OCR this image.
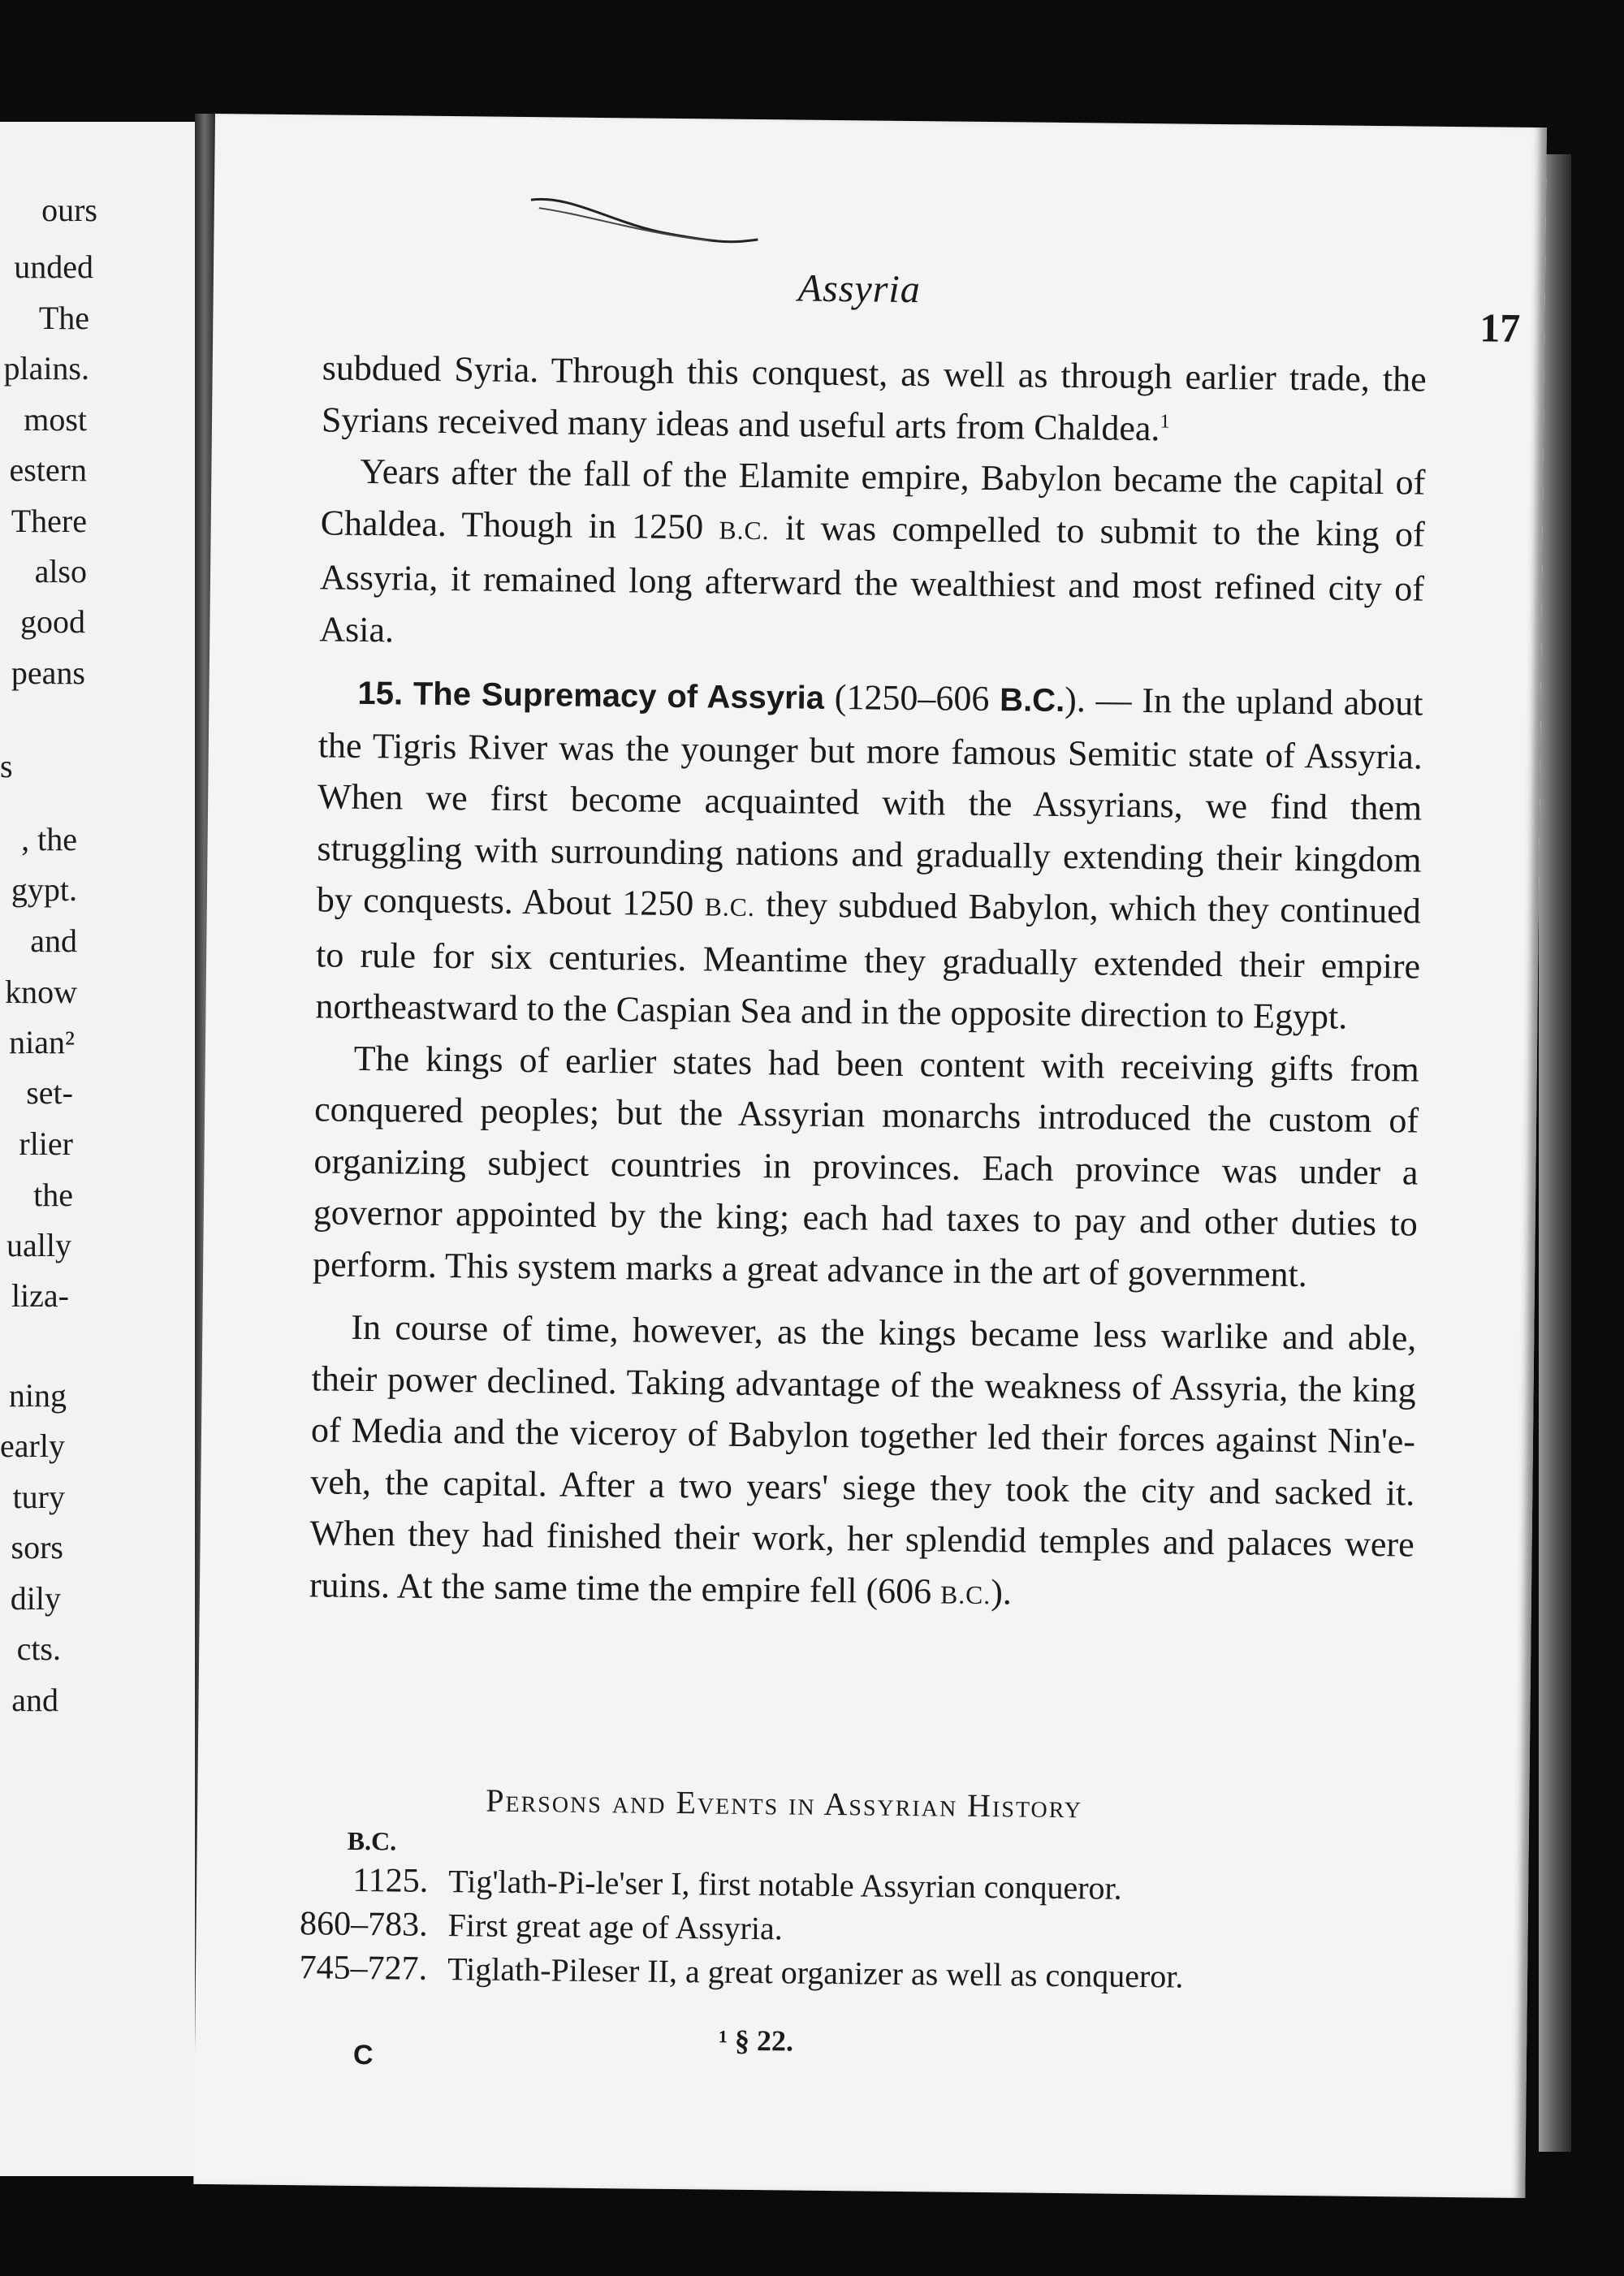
ours
unded
The
plains.
most
estern
There
also
good
peans
s
, the
gypt.
and
know
nian²
set-
rlier
the
ually
liza-
ning
early
tury
sors
dily
cts.
and
Assyria
17

subdued Syria. Through this conquest, as well as through earlier trade, the Syrians received many ideas and useful arts from Chaldea.$^1$

Years after the fall of the Elamite empire, Babylon became the capital of Chaldea. Though in 1250 B.C. it was compelled to submit to the king of Assyria, it remained long afterward the wealthiest and most refined city of Asia.

15. The Supremacy of Assyria (1250–606 B.C.). — In the upland about the Tigris River was the younger but more famous Semitic state of Assyria. When we first become acquainted with the Assyrians, we find them struggling with surrounding nations and gradually extending their kingdom by conquests. About 1250 B.C. they subdued Babylon, which they continued to rule for six centuries. Meantime they gradually extended their empire northeastward to the Caspian Sea and in the opposite direction to Egypt.

The kings of earlier states had been content with receiving gifts from conquered peoples; but the Assyrian monarchs introduced the custom of organizing subject countries in provinces. Each province was under a governor appointed by the king; each had taxes to pay and other duties to perform. This system marks a great advance in the art of government.

In course of time, however, as the kings became less warlike and able, their power declined. Taking advantage of the weakness of Assyria, the king of Media and the viceroy of Babylon together led their forces against Nin'e-veh, the capital. After a two years' siege they took the city and sacked it. When they had finished their work, her splendid temples and palaces were ruins. At the same time the empire fell (606 B.C.).

Persons and Events in Assyrian History
B.C.
1125. Tig'lath-Pi-le'ser I, first notable Assyrian conqueror.
860–783. First great age of Assyria.
745–727. Tiglath-Pileser II, a great organizer as well as conqueror.
¹ § 22.
C
